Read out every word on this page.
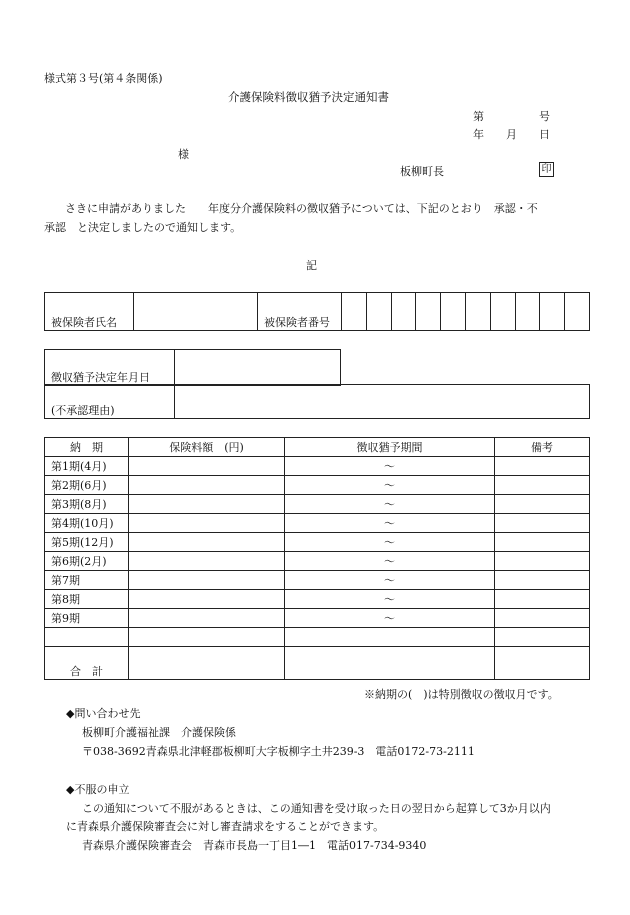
様式第３号(第４条関係)
介護保険料徴収猶予決定通知書
第　　　　　号
年　　月　　日
様
板柳町長	印
さきに申請がありました　　年度分介護保険料の徴収猶予については、下記のとおり　承認・不
承認　と決定しましたので通知します。
記
被保険者氏名		被保険者番号										
徴収猶予決定年月日	
(不承認理由)	
納　期	保険料額　(円)	徴収猶予期間	備考
第1期(4月)		～	
第2期(6月)		～	
第3期(8月)		～	
第4期(10月)		～	
第5期(12月)		～	
第6期(2月)		～	
第7期		～	
第8期		～	
第9期		～	

合　計			
※納期の(　)は特別徴収の徴収月です。
◆問い合わせ先
板柳町介護福祉課　介護保険係
〒038-3692青森県北津軽郡板柳町大字板柳字土井239-3　電話0172-73-2111
◆不服の申立
この通知について不服があるときは、この通知書を受け取った日の翌日から起算して3か月以内
に青森県介護保険審査会に対し審査請求をすることができます。
青森県介護保険審査会　青森市長島一丁目1―1　電話017-734-9340
